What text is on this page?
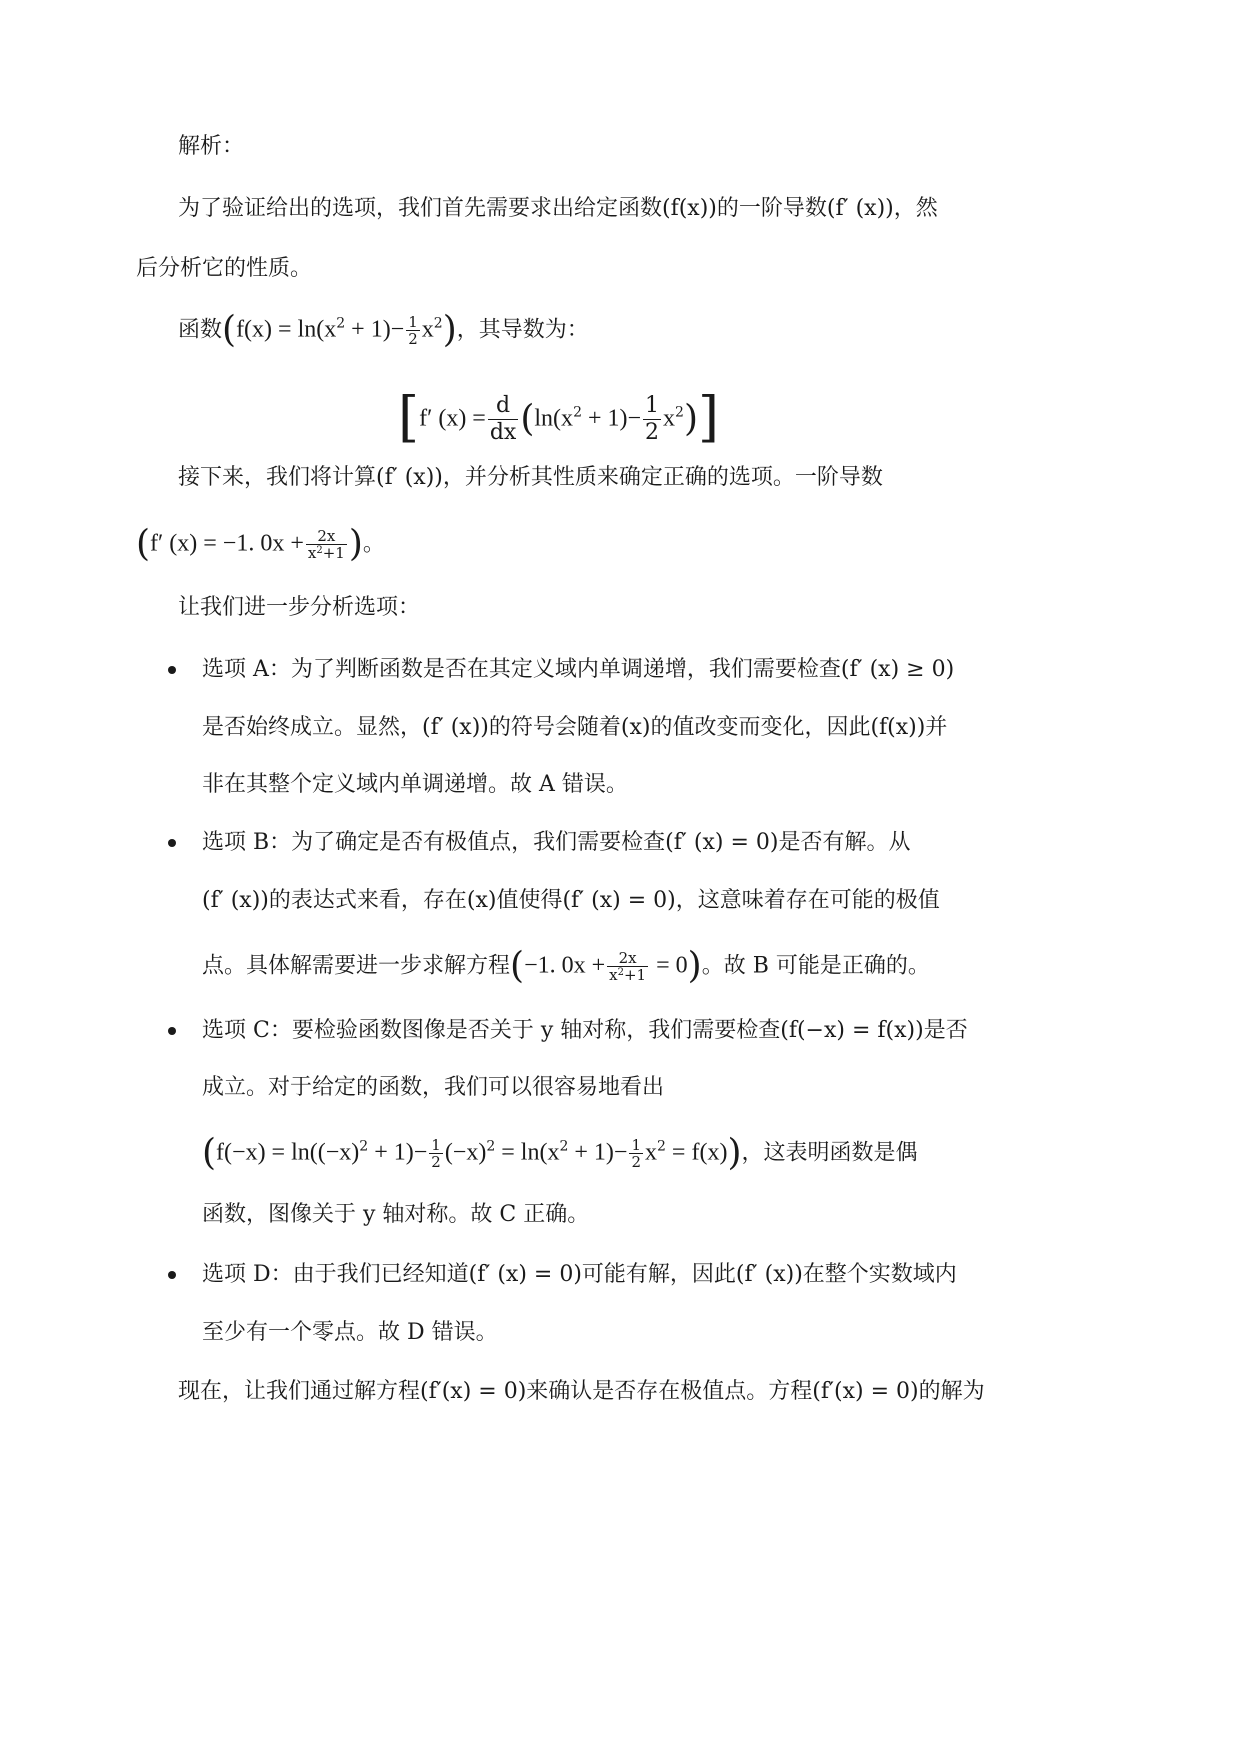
解析：
为了验证给出的选项，我们首先需要求出给定函数(f(x))的一阶导数(f′ (x))，然
后分析它的性质。
函数$(f(x) = \ln(x^2 + 1)- \frac{1}{2} x^2)$，其导数为：
[f′ $(x) = \frac{d}{dx} (\ln(x^2 + 1)- \frac{1}{2} x^2)$]
接下来，我们将计算(f′ (x))，并分析其性质来确定正确的选项。一阶导数
(f′ (x) = −1. $0x + \frac{2x}{x^2+1}$ )。
让我们进一步分析选项：
选项 A：为了判断函数是否在其定义域内单调递增，我们需要检查(f′ (x) ≥ 0)
是否始终成立。显然，(f′ (x))的符号会随着(x)的值改变而变化，因此(f(x))并
非在其整个定义域内单调递增。故 A 错误。
选项 B：为了确定是否有极值点，我们需要检查(f′ (x) = 0)是否有解。从
(f′ (x))的表达式来看，存在(x)值使得(f′ (x) = 0)，这意味着存在可能的极值
点。具体解需要进一步求解方程(−1. $0x + \frac{2x}{x^2+1} = 0$)。故 B 可能是正确的。
选项 C：要检验函数图像是否关于 y 轴对称，我们需要检查(f(−x) = f(x))是否
成立。对于给定的函数，我们可以很容易地看出
$(f(-x) = \ln((-x)^2 + 1)- \frac{1}{2} (-x)^2 = \ln(x^2 + 1)- \frac{1}{2} x^2 = f(x))$，这表明函数是偶
函数，图像关于 y 轴对称。故 C 正确。
选项 D：由于我们已经知道(f′ (x) = 0)可能有解，因此(f′ (x))在整个实数域内
至少有一个零点。故 D 错误。
现在，让我们通过解方程(f′(x) = 0)来确认是否存在极值点。方程(f′(x) = 0)的解为
